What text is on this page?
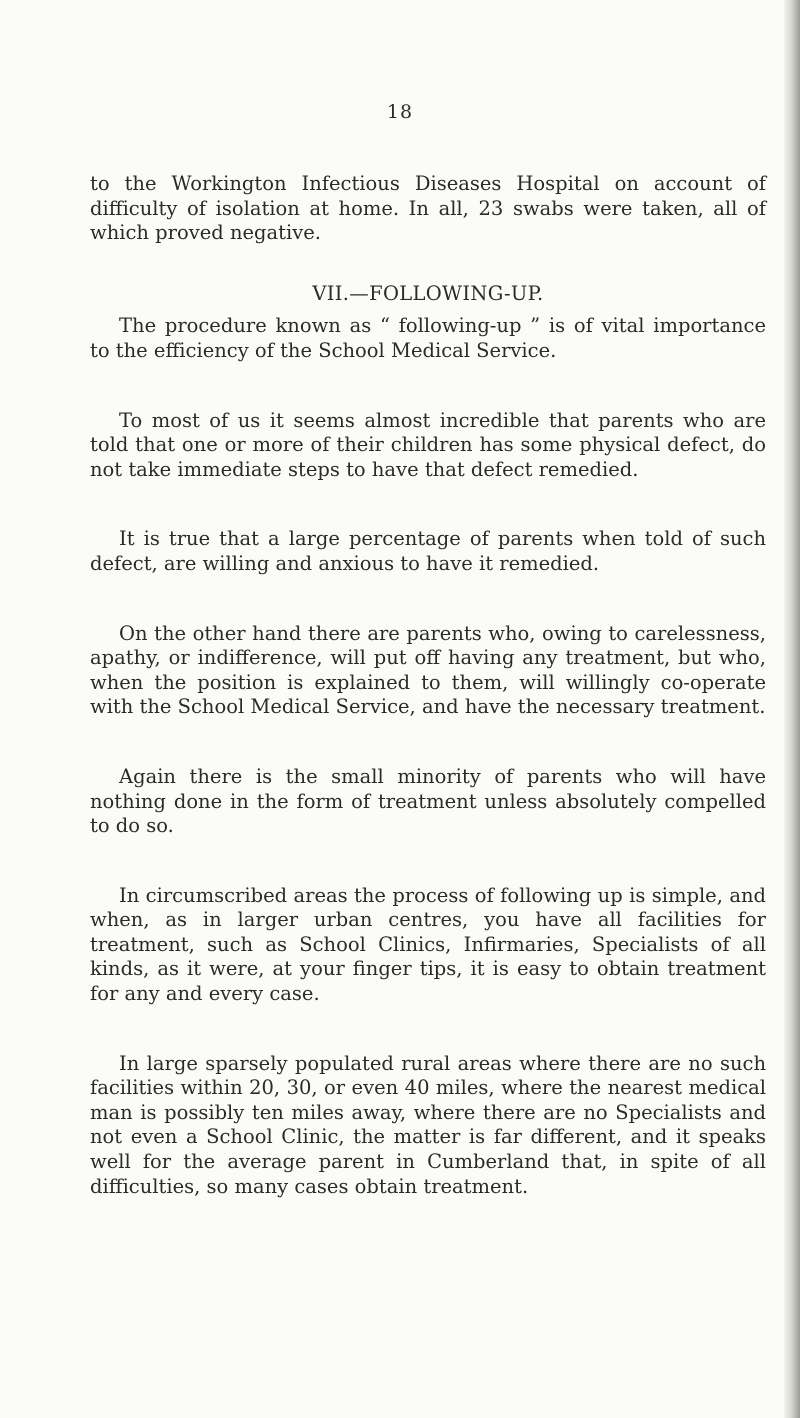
18

to the Workington Infectious Diseases Hospital on account of difficulty of isolation at home. In all, 23 swabs were taken, all of which proved negative.

VII.—FOLLOWING-UP.

The procedure known as “ following-up ” is of vital importance to the efficiency of the School Medical Service.

To most of us it seems almost incredible that parents who are told that one or more of their children has some physical defect, do not take immediate steps to have that defect remedied.

It is true that a large percentage of parents when told of such defect, are willing and anxious to have it remedied.

On the other hand there are parents who, owing to carelessness, apathy, or indifference, will put off having any treatment, but who, when the position is explained to them, will willingly co-operate with the School Medical Service, and have the necessary treatment.

Again there is the small minority of parents who will have nothing done in the form of treatment unless absolutely compelled to do so.

In circumscribed areas the process of following up is simple, and when, as in larger urban centres, you have all facilities for treatment, such as School Clinics, Infirmaries, Specialists of all kinds, as it were, at your finger tips, it is easy to obtain treatment for any and every case.

In large sparsely populated rural areas where there are no such facilities within 20, 30, or even 40 miles, where the nearest medical man is possibly ten miles away, where there are no Specialists and not even a School Clinic, the matter is far different, and it speaks well for the average parent in Cumberland that, in spite of all difficulties, so many cases obtain treatment.
